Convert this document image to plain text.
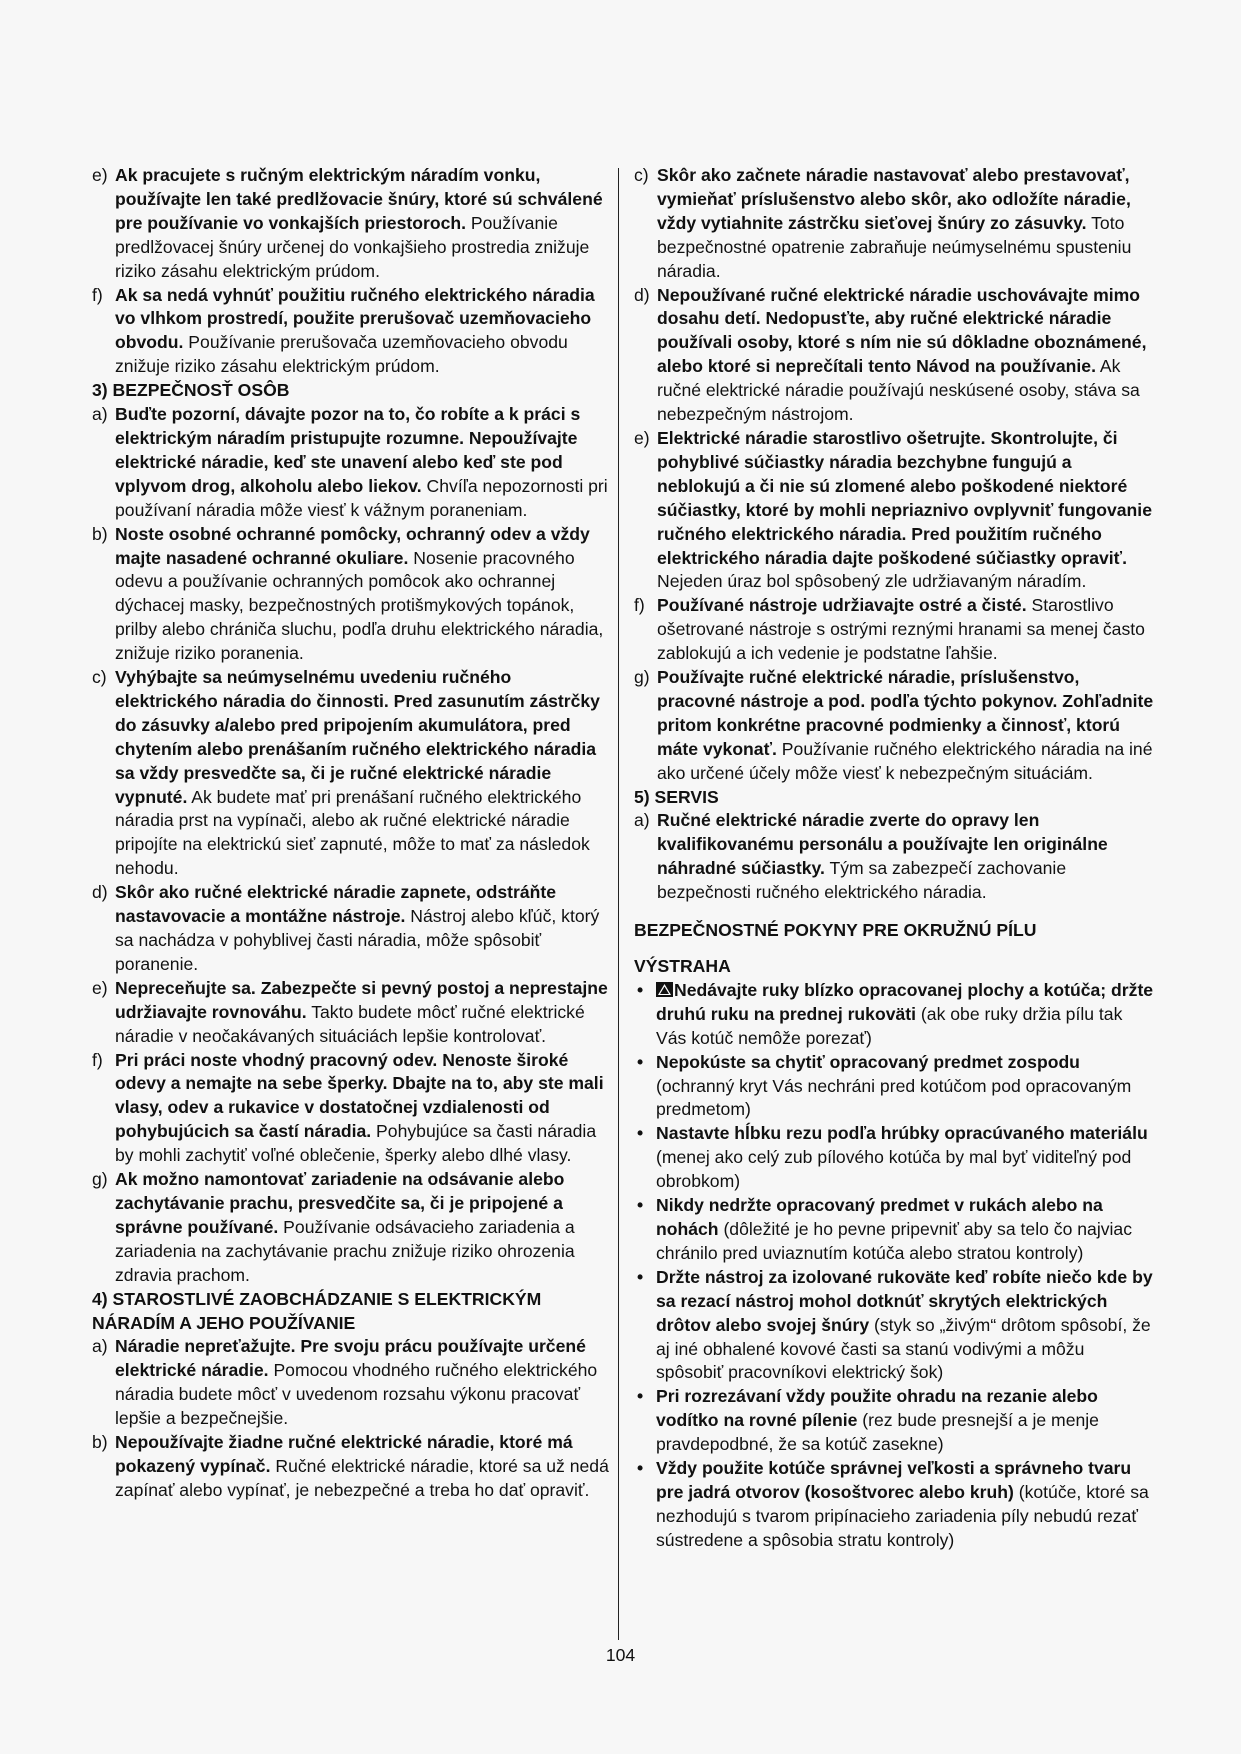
e) Ak pracujete s ručným elektrickým náradím vonku, používajte len také predlžovacie šnúry, ktoré sú schválené pre používanie vo vonkajších priestoroch. Používanie predlžovacej šnúry určenej do vonkajšieho prostredia znižuje riziko zásahu elektrickým prúdom.
f) Ak sa nedá vyhnúť použitiu ručného elektrického náradia vo vlhkom prostredí, použite prerušovač uzemňovacieho obvodu. Používanie prerušovača uzemňovacieho obvodu znižuje riziko zásahu elektrickým prúdom.
3) BEZPEČNOSŤ OSÔB
a) Buďte pozorní, dávajte pozor na to, čo robíte a k práci s elektrickým náradím pristupujte rozumne. Nepoužívajte elektrické náradie, keď ste unavení alebo keď ste pod vplyvom drog, alkoholu alebo liekov. Chvíľa nepozornosti pri používaní náradia môže viesť k vážnym poraneniam.
b) Noste osobné ochranné pomôcky, ochranný odev a vždy majte nasadené ochranné okuliare. Nosenie pracovného odevu a používanie ochranných pomôcok ako ochrannej dýchacej masky, bezpečnostných protišmykových topánok, prilby alebo chrániča sluchu, podľa druhu elektrického náradia, znižuje riziko poranenia.
c) Vyhýbajte sa neúmyselnému uvedeniu ručného elektrického náradia do činnosti. Pred zasunutím zástrčky do zásuvky a/alebo pred pripojením akumulátora, pred chytením alebo prenášaním ručného elektrického náradia sa vždy presvedčte sa, či je ručné elektrické náradie vypnuté. Ak budete mať pri prenášaní ručného elektrického náradia prst na vypínači, alebo ak ručné elektrické náradie pripojíte na elektrickú sieť zapnuté, môže to mať za následok nehodu.
d) Skôr ako ručné elektrické náradie zapnete, odstráňte nastavovacie a montážne nástroje. Nástroj alebo kľúč, ktorý sa nachádza v pohyblivej časti náradia, môže spôsobiť poranenie.
e) Nepreceňujte sa. Zabezpečte si pevný postoj a neprestajne udržiavajte rovnováhu. Takto budete môcť ručné elektrické náradie v neočakávaných situáciách lepšie kontrolovať.
f) Pri práci noste vhodný pracovný odev. Nenoste široké odevy a nemajte na sebe šperky. Dbajte na to, aby ste mali vlasy, odev a rukavice v dostatočnej vzdialenosti od pohybujúcich sa častí náradia. Pohybujúce sa časti náradia by mohli zachytiť voľné oblečenie, šperky alebo dlhé vlasy.
g) Ak možno namontovať zariadenie na odsávanie alebo zachytávanie prachu, presvedčite sa, či je pripojené a správne používané. Používanie odsávacieho zariadenia a zariadenia na zachytávanie prachu znižuje riziko ohrozenia zdravia prachom.
4) STAROSTLIVÉ ZAOBCHÁDZANIE S ELEKTRICKÝM NÁRADÍM A JEHO POUŽÍVANIE
a) Náradie nepreťažujte. Pre svoju prácu používajte určené elektrické náradie. Pomocou vhodného ručného elektrického náradia budete môcť v uvedenom rozsahu výkonu pracovať lepšie a bezpečnejšie.
b) Nepoužívajte žiadne ručné elektrické náradie, ktoré má pokazený vypínač. Ručné elektrické náradie, ktoré sa už nedá zapínať alebo vypínať, je nebezpečné a treba ho dať opraviť.
c) Skôr ako začnete náradie nastavovať alebo prestavovať, vymieňať príslušenstvo alebo skôr, ako odložíte náradie, vždy vytiahnite zástrčku sieťovej šnúry zo zásuvky. Toto bezpečnostné opatrenie zabraňuje neúmyselnému spusteniu náradia.
d) Nepoužívané ručné elektrické náradie uschovávajte mimo dosahu detí. Nedopusťte, aby ručné elektrické náradie používali osoby, ktoré s ním nie sú dôkladne oboznámené, alebo ktoré si neprečítali tento Návod na používanie. Ak ručné elektrické náradie používajú neskúsené osoby, stáva sa nebezpečným nástrojom.
e) Elektrické náradie starostlivo ošetrujte. Skontrolujte, či pohyblivé súčiastky náradia bezchybne fungujú a neblokujú a či nie sú zlomené alebo poškodené niektoré súčiastky, ktoré by mohli nepriaznivo ovplyvniť fungovanie ručného elektrického náradia. Pred použitím ručného elektrického náradia dajte poškodené súčiastky opraviť. Nejeden úraz bol spôsobený zle udržiavaným náradím.
f) Používané nástroje udržiavajte ostré a čisté. Starostlivo ošetrované nástroje s ostrými reznými hranami sa menej často zablokujú a ich vedenie je podstatne ľahšie.
g) Používajte ručné elektrické náradie, príslušenstvo, pracovné nástroje a pod. podľa týchto pokynov. Zohľadnite pritom konkrétne pracovné podmienky a činnosť, ktorú máte vykonať. Používanie ručného elektrického náradia na iné ako určené účely môže viesť k nebezpečným situáciám.
5) SERVIS
a) Ručné elektrické náradie zverte do opravy len kvalifikovanému personálu a používajte len originálne náhradné súčiastky. Tým sa zabezpečí zachovanie bezpečnosti ručného elektrického náradia.
BEZPEČNOSTNÉ POKYNY PRE OKRUŽNÚ PÍLU
VÝSTRAHA
• Nedávajte ruky blízko opracovanej plochy a kotúča; držte druhú ruku na prednej rukoväti (ak obe ruky držia pílu tak Vás kotúč nemôže porezať)
• Nepokúste sa chytiť opracovaný predmet zospodu (ochranný kryt Vás nechráni pred kotúčom pod opracovaným predmetom)
• Nastavte hĺbku rezu podľa hrúbky opracúvaného materiálu (menej ako celý zub pílového kotúča by mal byť viditeľný pod obrobkom)
• Nikdy nedržte opracovaný predmet v rukách alebo na nohách (dôležité je ho pevne pripevniť aby sa telo čo najviac chránilo pred uviaznutím kotúča alebo stratou kontroly)
• Držte nástroj za izolované rukoväte keď robíte niečo kde by sa rezací nástroj mohol dotknúť skrytých elektrických drôtov alebo svojej šnúry (styk so „živým“ drôtom spôsobí, že aj iné obhalené kovové časti sa stanú vodivými a môžu spôsobiť pracovníkovi elektrický šok)
• Pri rozrezávaní vždy použite ohradu na rezanie alebo vodítko na rovné pílenie (rez bude presnejší a je menje pravdepodbné, že sa kotúč zasekne)
• Vždy použite kotúče správnej veľkosti a správneho tvaru pre jadrá otvorov (kosoštvorec alebo kruh) (kotúče, ktoré sa nezhodujú s tvarom pripínacieho zariadenia píly nebudú rezať sústredene a spôsobia stratu kontroly)
104
